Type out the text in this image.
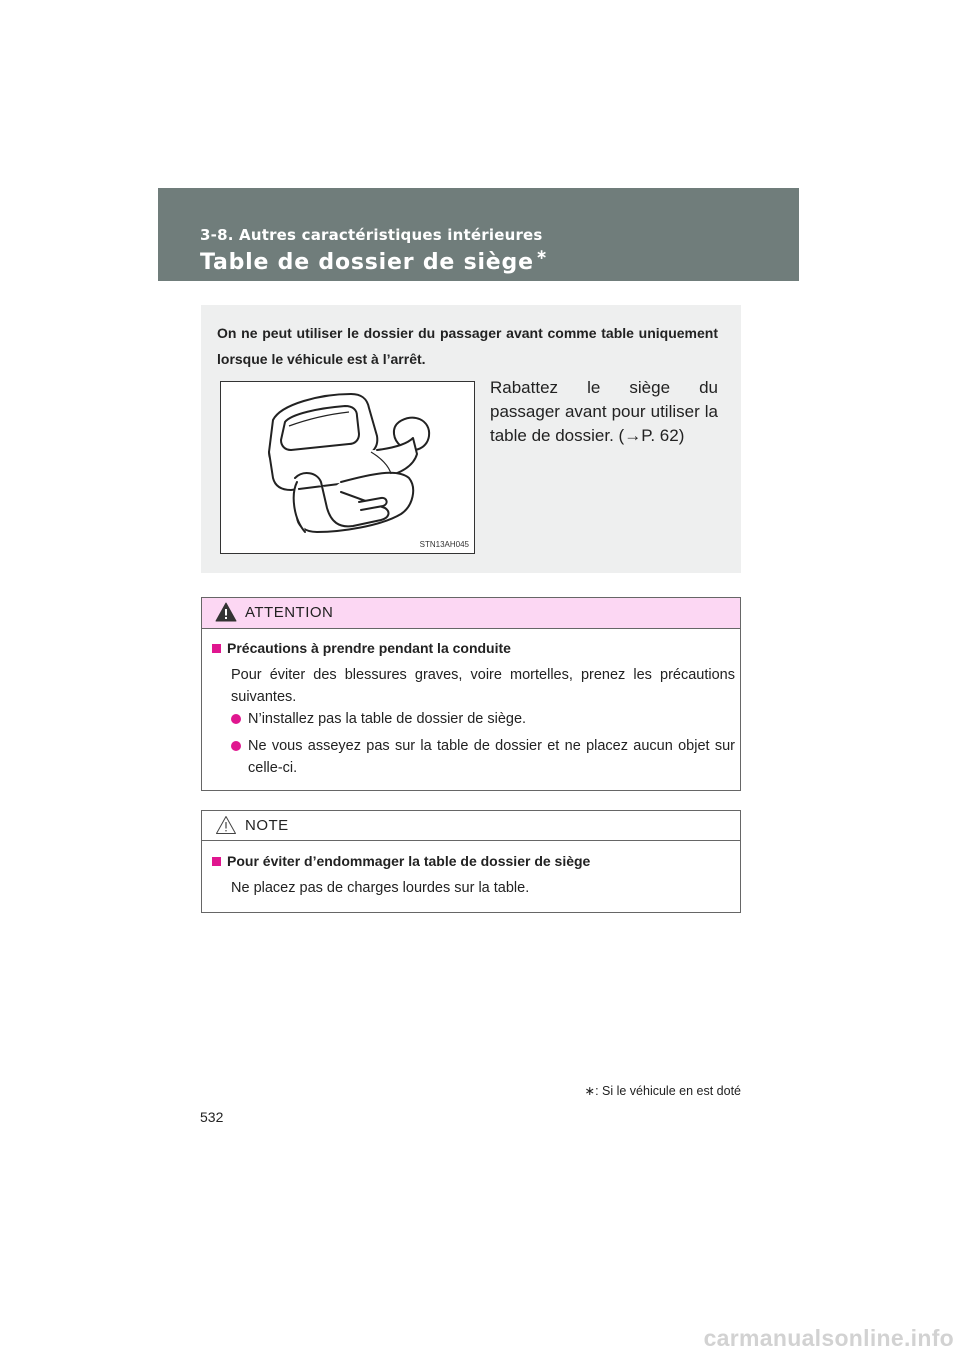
3-8. Autres caractéristiques intérieures
Table de dossier de siège ∗
On ne peut utiliser le dossier du passager avant comme table uniquement lorsque le véhicule est à l’arrêt.
STN13AH045
Rabattez le siège du passager avant pour utiliser la table de dossier. (→P. 62)
ATTENTION
Précautions à prendre pendant la conduite
Pour éviter des blessures graves, voire mortelles, prenez les précautions suivantes.
N’installez pas la table de dossier de siège.
Ne vous asseyez pas sur la table de dossier et ne placez aucun objet sur celle-ci.
NOTE
Pour éviter d’endommager la table de dossier de siège
Ne placez pas de charges lourdes sur la table.
∗: Si le véhicule en est doté
532
carmanualsonline.info
